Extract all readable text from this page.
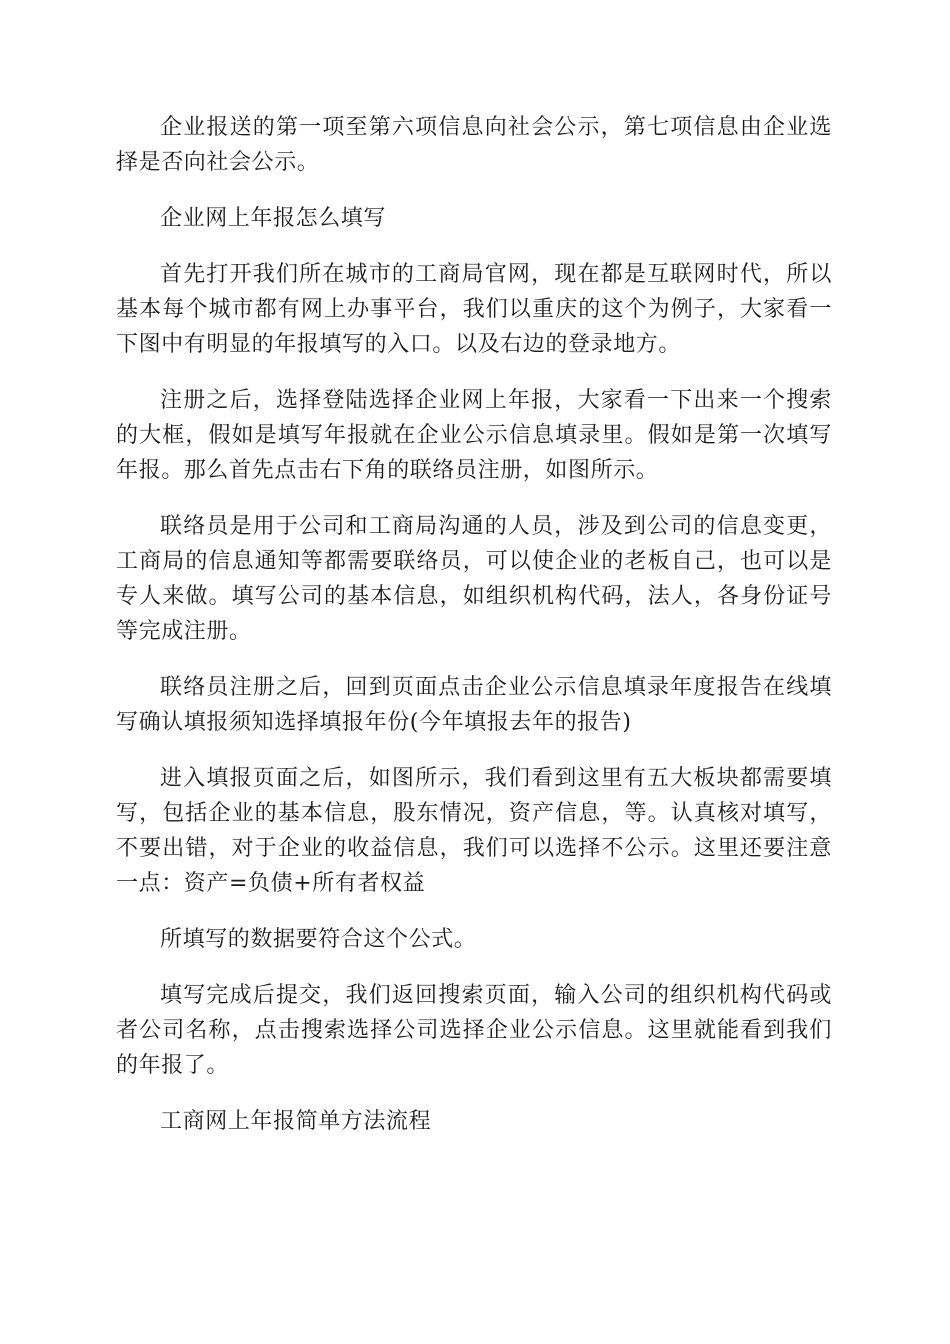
企业报送的第一项至第六项信息向社会公示，第七项信息由企业选择是否向社会公示。

企业网上年报怎么填写

首先打开我们所在城市的工商局官网，现在都是互联网时代，所以基本每个城市都有网上办事平台，我们以重庆的这个为例子，大家看一下图中有明显的年报填写的入口。以及右边的登录地方。

注册之后，选择登陆选择企业网上年报，大家看一下出来一个搜索的大框，假如是填写年报就在企业公示信息填录里。假如是第一次填写年报。那么首先点击右下角的联络员注册，如图所示。

联络员是用于公司和工商局沟通的人员，涉及到公司的信息变更，工商局的信息通知等都需要联络员，可以使企业的老板自己，也可以是专人来做。填写公司的基本信息，如组织机构代码，法人，各身份证号等完成注册。

联络员注册之后，回到页面点击企业公示信息填录年度报告在线填写确认填报须知选择填报年份(今年填报去年的报告)

进入填报页面之后，如图所示，我们看到这里有五大板块都需要填写，包括企业的基本信息，股东情况，资产信息，等。认真核对填写，不要出错，对于企业的收益信息，我们可以选择不公示。这里还要注意一点：资产=负债+所有者权益

所填写的数据要符合这个公式。

填写完成后提交，我们返回搜索页面，输入公司的组织机构代码或者公司名称，点击搜索选择公司选择企业公示信息。这里就能看到我们的年报了。

工商网上年报简单方法流程
